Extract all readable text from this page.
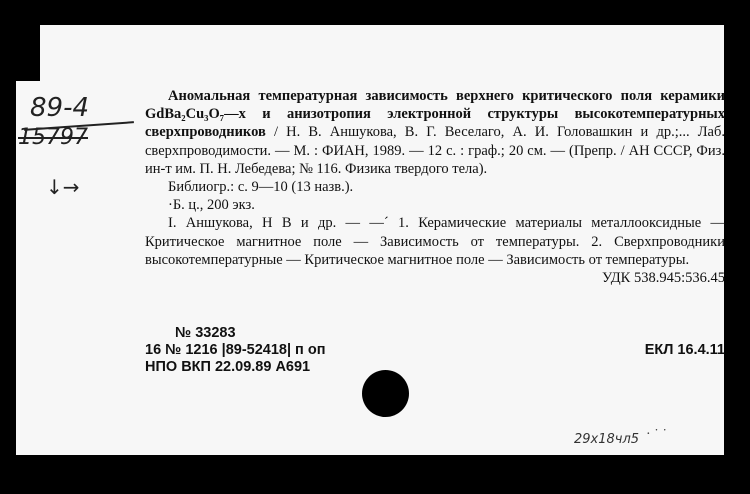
89-4
15797
↓→

Аномальная температурная зависимость верхнего критического поля керамики GdBa₂Cu₃O₇—x и анизотропия электронной структуры высокотемпературных сверхпроводников / Н. В. Аншукова, В. Г. Веселаго, А. И. Головашкин и др.;... Лаб. сверхпроводимости. — М. : ФИАН, 1989. — 12 с. : граф.; 20 см. — (Препр. / АН СССР, Физ. ин-т им. П. Н. Лебедева; № 116. Физика твердого тела).

Библиогр.: с. 9—10 (13 назв.).

·Б. ц., 200 экз.

I. Аншукова, Н В и др. — —´ 1. Керамические материалы металлооксидные — Критическое магнитное поле — Зависимость от температуры. 2. Сверхпроводники высокотемпературные — Критическое магнитное поле — Зависимость от температуры.

УДК 538.945:536.45

№ 33283
16 № 1216 |89-52418| п оп	ЕКЛ 16.4.11
НПО ВКП 22.09.89 А691
29x18чл5 · ˙ ˙
